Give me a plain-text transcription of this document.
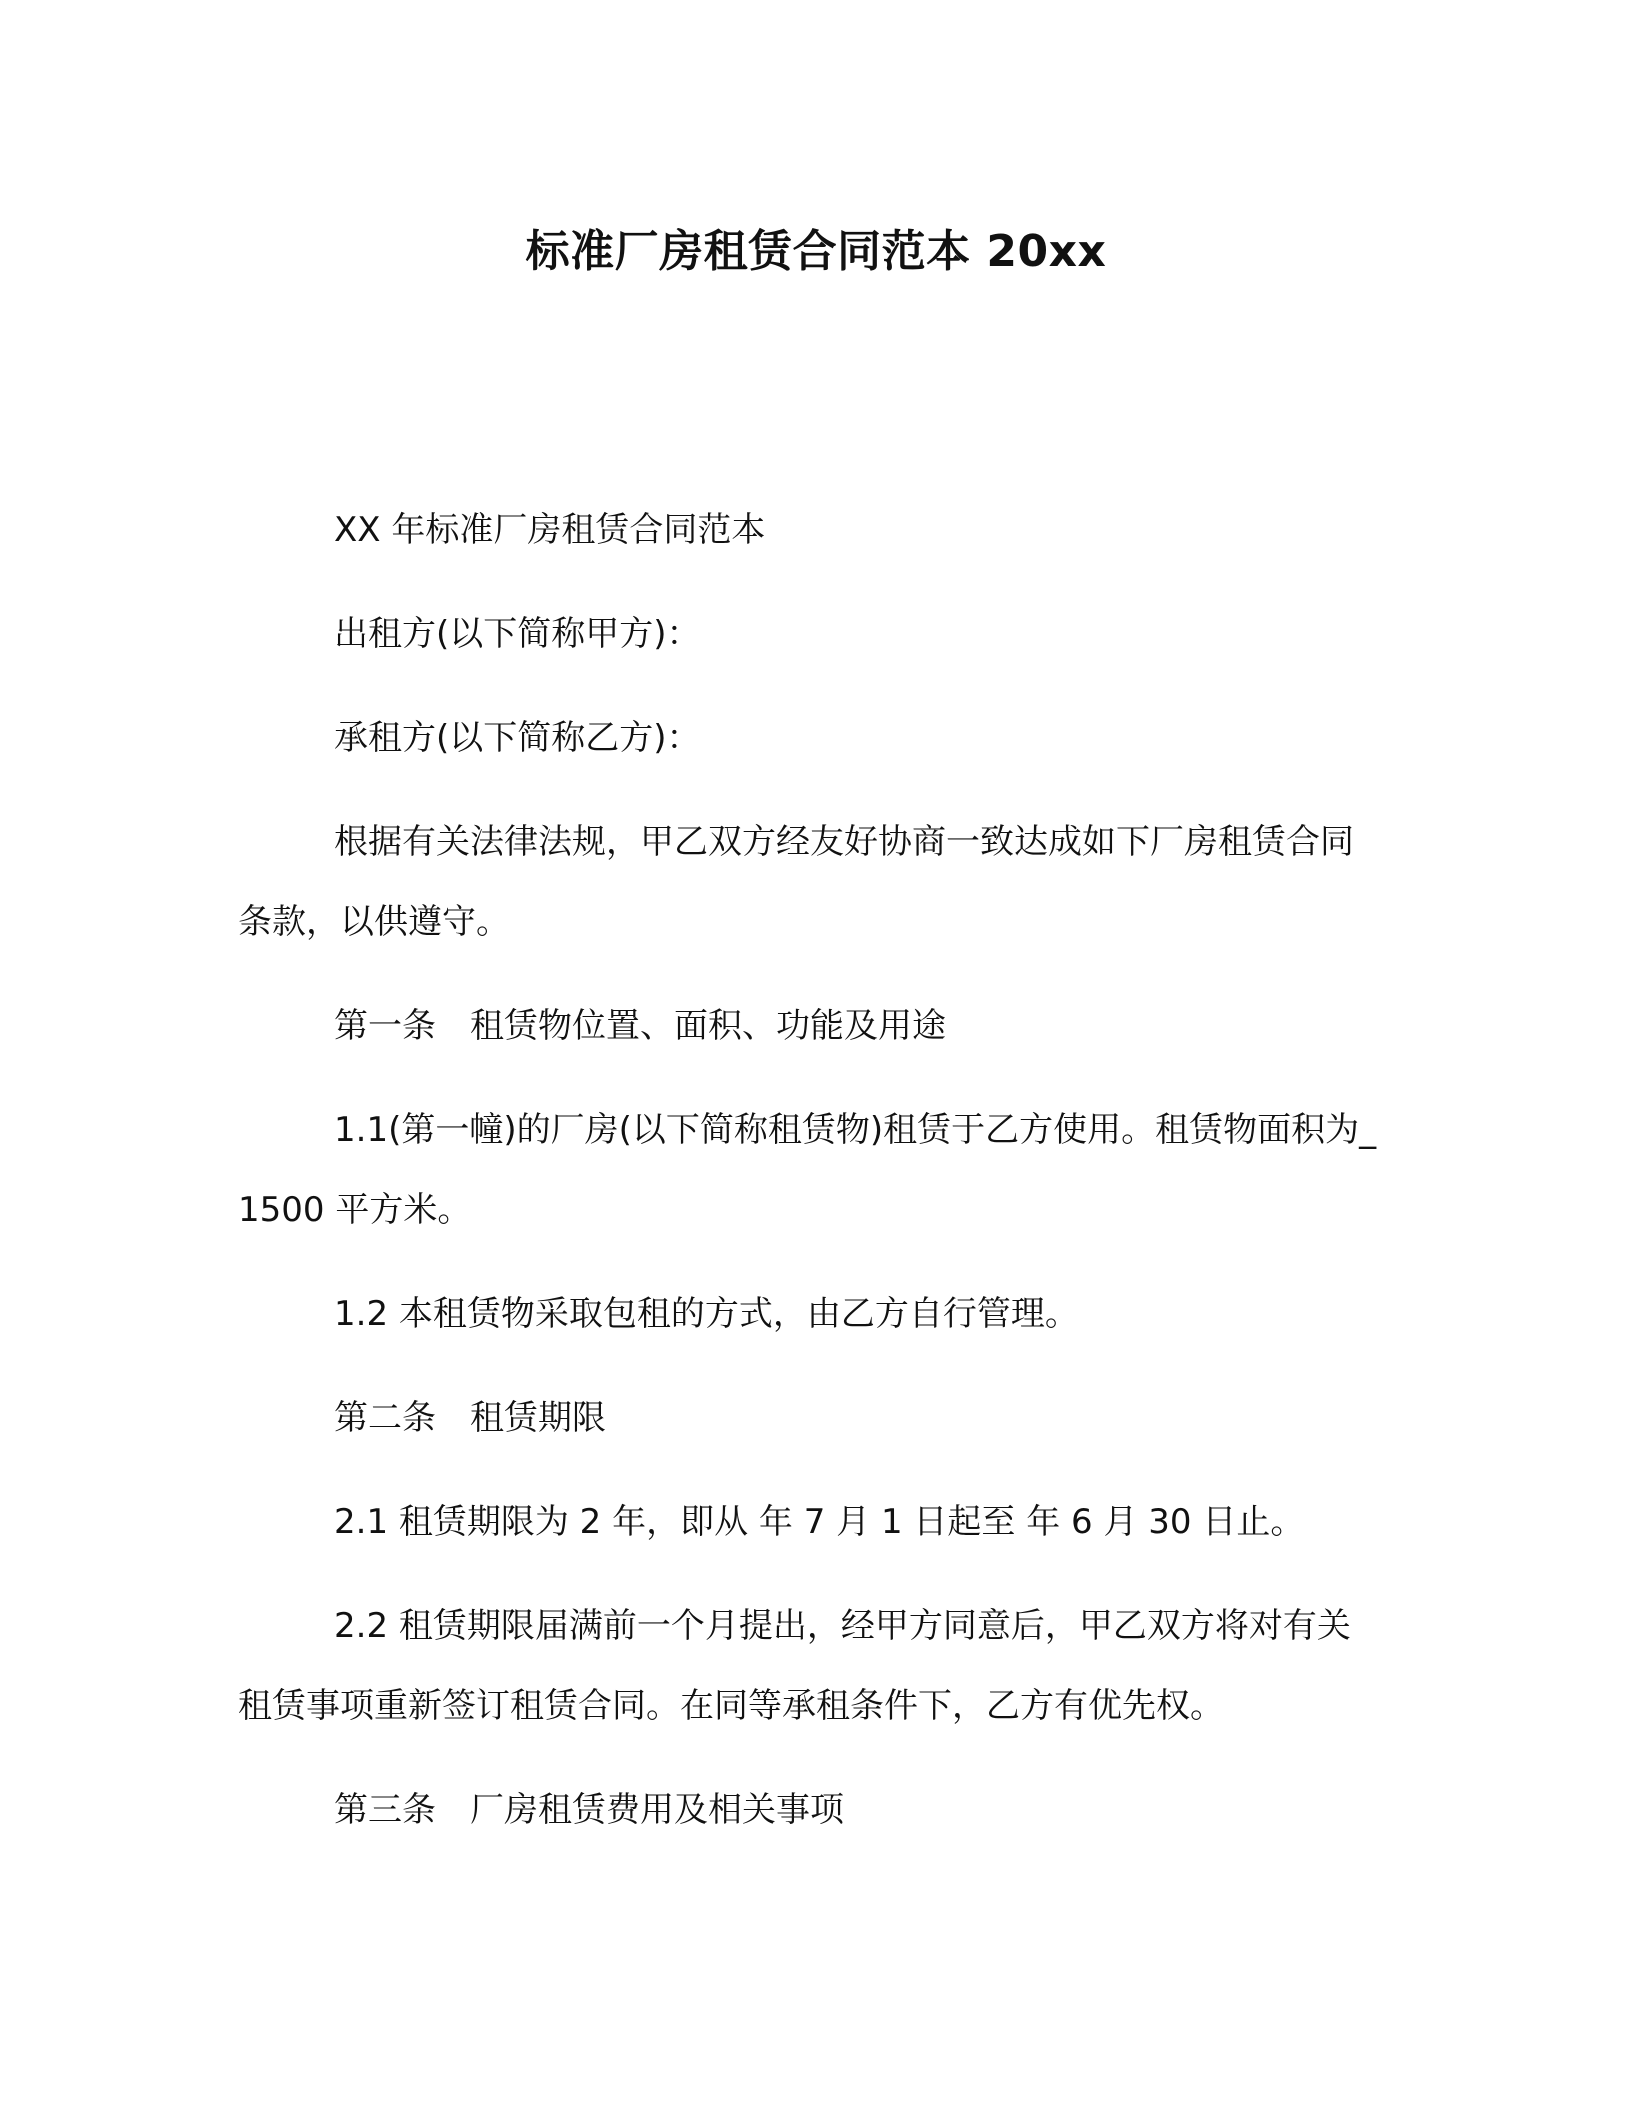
标准厂房租赁合同范本 20xx

XX 年标准厂房租赁合同范本

出租方(以下简称甲方)：

承租方(以下简称乙方)：

根据有关法律法规，甲乙双方经友好协商一致达成如下厂房租赁合同条款，以供遵守。

第一条　租赁物位置、面积、功能及用途

1.1(第一幢)的厂房(以下简称租赁物)租赁于乙方使用。租赁物面积为_1500 平方米。

1.2 本租赁物采取包租的方式，由乙方自行管理。

第二条　租赁期限

2.1 租赁期限为 2 年，即从 年 7 月 1 日起至 年 6 月 30 日止。

2.2 租赁期限届满前一个月提出，经甲方同意后，甲乙双方将对有关租赁事项重新签订租赁合同。在同等承租条件下，乙方有优先权。

第三条　厂房租赁费用及相关事项
